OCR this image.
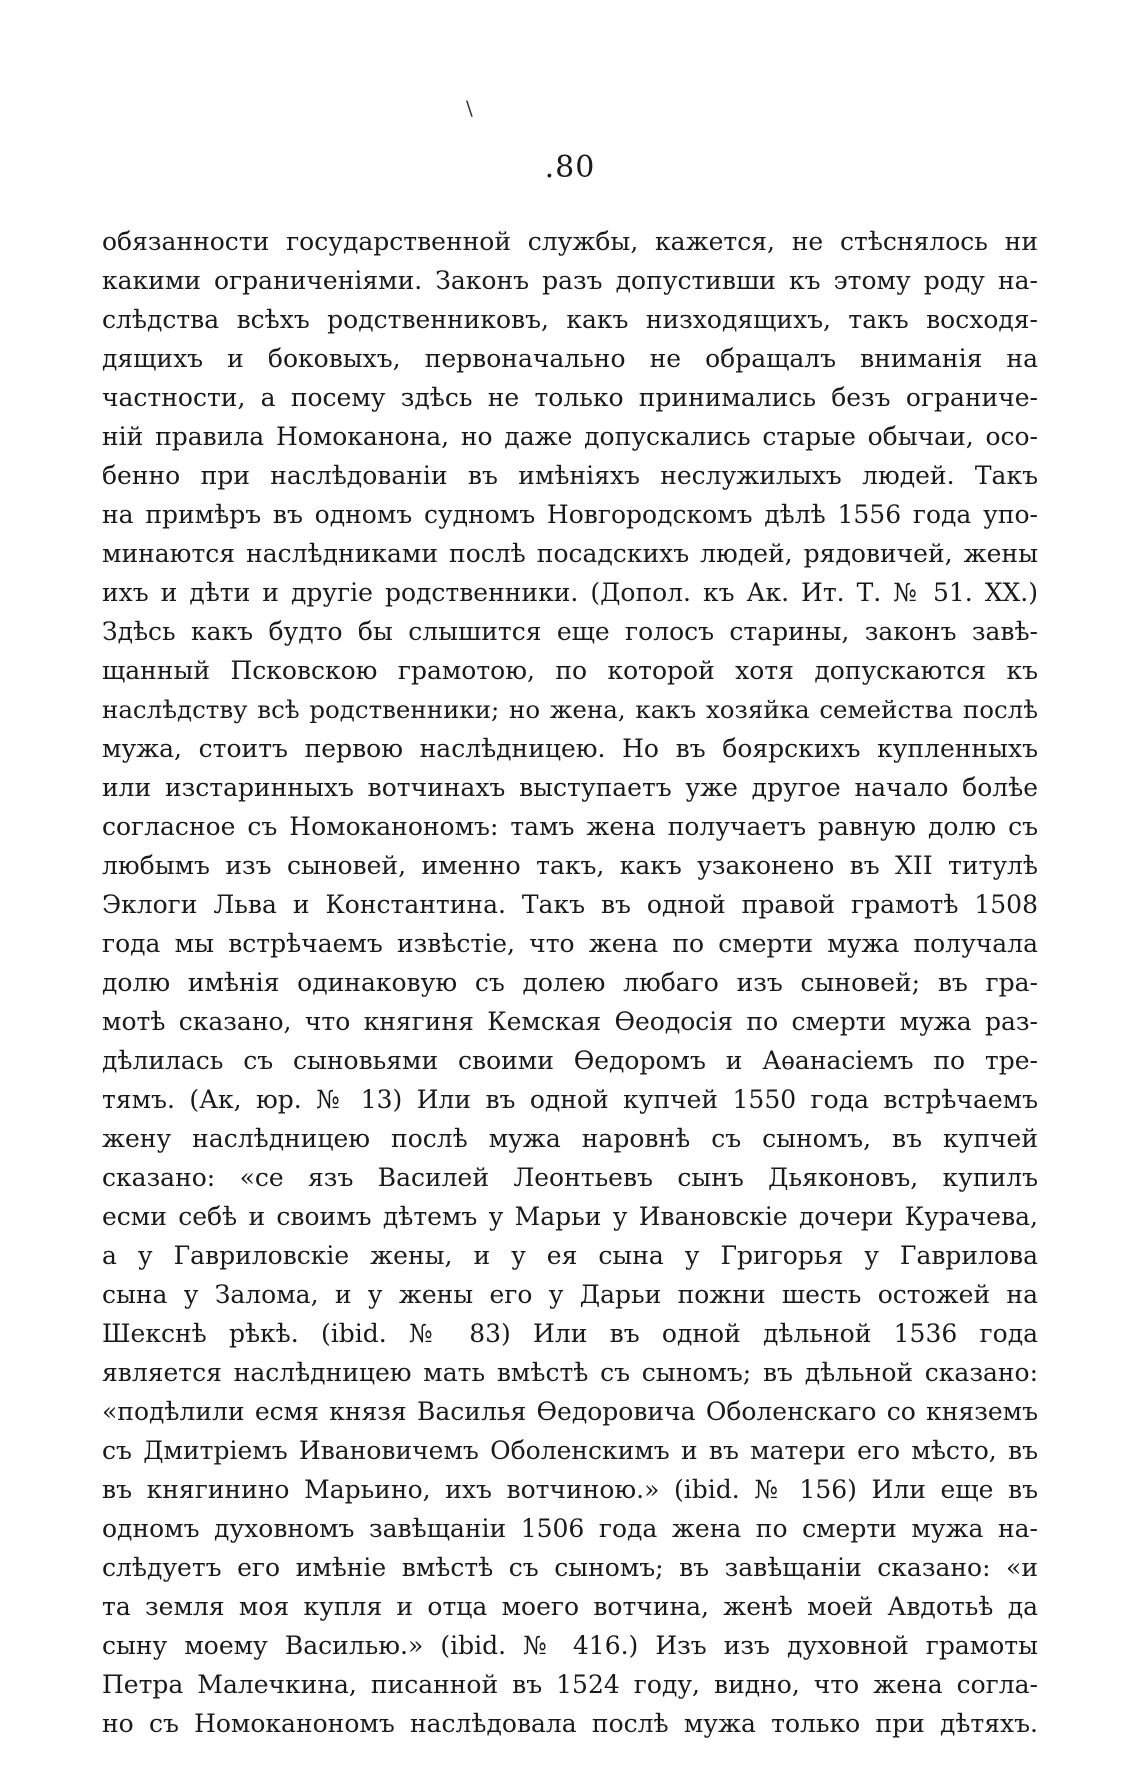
\
.80
обязанности государственной службы, кажется, не стѣснялось ни
какими ограниченіями. Законъ разъ допустивши къ этому роду на-
слѣдства всѣхъ родственниковъ, какъ низходящихъ, такъ восходя-
дящихъ и боковыхъ, первоначально не обращалъ вниманія на
частности, а посему здѣсь не только принимались безъ ограниче-
ній правила Номоканона, но даже допускались старые обычаи, осо-
бенно при наслѣдованіи въ имѣніяхъ неслужилыхъ людей. Такъ
на примѣръ въ одномъ судномъ Новгородскомъ дѣлѣ 1556 года упо-
минаются наслѣдниками послѣ посадскихъ людей, рядовичей, жены
ихъ и дѣти и другіе родственники. (Допол. къ Ак. Ит. Т. № 51. XX.)
Здѣсь какъ будто бы слышится еще голосъ старины, законъ завѣ-
щанный Псковскою грамотою, по которой хотя допускаются къ
наслѣдству всѣ родственники; но жена, какъ хозяйка семейства послѣ
мужа, стоитъ первою наслѣдницею. Но въ боярскихъ купленныхъ
или изстаринныхъ вотчинахъ выступаетъ уже другое начало болѣе
согласное съ Номоканономъ: тамъ жена получаетъ равную долю съ
любымъ изъ сыновей, именно такъ, какъ узаконено въ XII титулѣ
Эклоги Льва и Константина. Такъ въ одной правой грамотѣ 1508
года мы встрѣчаемъ извѣстіе, что жена по смерти мужа получала
долю имѣнія одинаковую съ долею любаго изъ сыновей; въ гра-
мотѣ сказано, что княгиня Кемская Ѳеодосія по смерти мужа раз-
дѣлилась съ сыновьями своими Ѳедоромъ и Аѳанасіемъ по тре-
тямъ. (Ак, юр. № 13) Или въ одной купчей 1550 года встрѣчаемъ
жену наслѣдницею послѣ мужа наровнѣ съ сыномъ, въ купчей
сказано: «се язъ Василей Леонтьевъ сынъ Дьяконовъ, купилъ
есми себѣ и своимъ дѣтемъ у Марьи у Ивановскіе дочери Курачева,
а у Гавриловскіе жены, и у ея сына у Григорья у Гаврилова
сына у Залома, и у жены его у Дарьи пожни шесть остожей на
Шекснѣ рѣкѣ. (ibid. № 83) Или въ одной дѣльной 1536 года
является наслѣдницею мать вмѣстѣ съ сыномъ; въ дѣльной сказано:
«подѣлили есмя князя Василья Ѳедоровича Оболенскаго со княземъ
съ Дмитріемъ Ивановичемъ Оболенскимъ и въ матери его мѣсто, въ
въ княгинино Марьино, ихъ вотчиною.» (ibid. № 156) Или еще въ
одномъ духовномъ завѣщаніи 1506 года жена по смерти мужа на-
слѣдуетъ его имѣніе вмѣстѣ съ сыномъ; въ завѣщаніи сказано: «и
та земля моя купля и отца моего вотчина, женѣ моей Авдотьѣ да
сыну моему Василью.» (ibid. № 416.) Изъ изъ духовной грамоты
Петра Малечкина, писанной въ 1524 году, видно, что жена согла-
но съ Номоканономъ наслѣдовала послѣ мужа только при дѣтяхъ.
